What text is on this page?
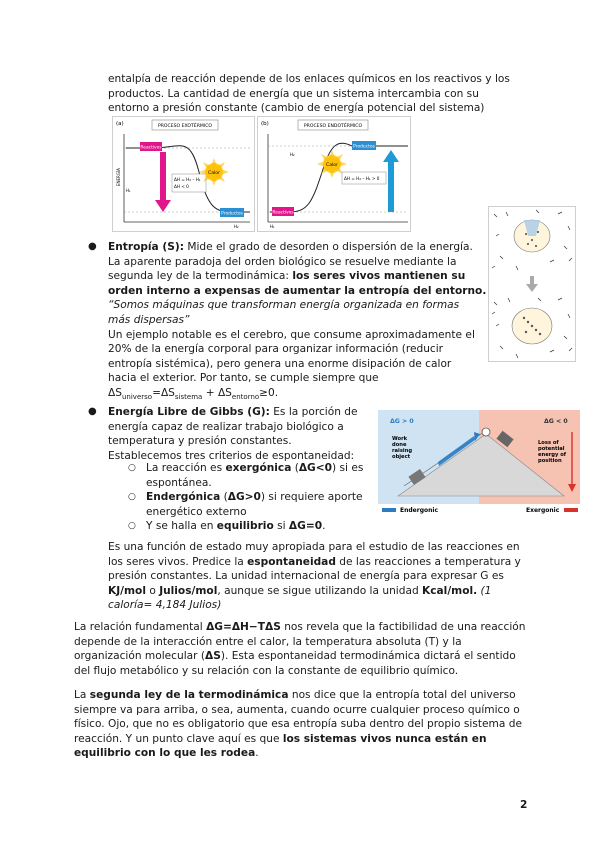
entalpía de reacción depende de los enlaces químicos en los reactivos y los

productos. La cantidad de energía que un sistema intercambia con su

entorno a presión constante (cambio de energía potencial del sistema)

(a)	PROCESO EXOTÉRMICO
ENERGÍA
Reactivos
Productos
ΔH = H₂ – H₁
ΔH < 0
Calor
H₁
H₂
(b)	PROCESO ENDOTÉRMICO
Reactivos
Productos
Calor
ΔH = H₂ – H₁ > 0
H₁
H₂
● Entropía (S): Mide el grado de desorden o dispersión de la energía.

La aparente paradoja del orden biológico se resuelve mediante la

segunda ley de la termodinámica: los seres vivos mantienen su

orden interno a expensas de aumentar la entropía del entorno.

“Somos máquinas que transforman energía organizada en formas

más dispersas”

Un ejemplo notable es el cerebro, que consume aproximadamente el

20% de la energía corporal para organizar información (reducir

entropía sistémica), pero genera una enorme disipación de calor

hacia el exterior. Por tanto, se cumple siempre que

$\Delta S_{universo}=\Delta S_{sistema} + \Delta S_{entorno}\ge 0$.

● Energía Libre de Gibbs (G): Es la porción de

energía capaz de realizar trabajo biológico a

temperatura y presión constantes.

Establecemos tres criterios de espontaneidad:

○
○
○

La reacción es exergónica (ΔG<0) si es

espontánea.

Endergónica (ΔG>0) si requiere aporte

energético externo

Y se halla en equilibrio si ΔG=0.

ΔG > 0	ΔG < 0
Work
done
raising
object
Loss of
potential
energy of
position
Endergonic	Exergonic

Es una función de estado muy apropiada para el estudio de las reacciones en

los seres vivos. Predice la espontaneidad de las reacciones a temperatura y

presión constantes. La unidad internacional de energía para expresar G es

KJ/mol o Julios/mol, aunque se sigue utilizando la unidad Kcal/mol. (1

caloría= 4,184 Julios)

La relación fundamental ΔG=ΔH−TΔS nos revela que la factibilidad de una reacción

depende de la interacción entre el calor, la temperatura absoluta (T) y la

organización molecular (ΔS). Esta espontaneidad termodinámica dictará el sentido

del flujo metabólico y su relación con la constante de equilibrio químico.

La segunda ley de la termodinámica nos dice que la entropía total del universo

siempre va para arriba, o sea, aumenta, cuando ocurre cualquier proceso químico o

físico. Ojo, que no es obligatorio que esa entropía suba dentro del propio sistema de

reacción. Y un punto clave aquí es que los sistemas vivos nunca están en

equilibrio con lo que les rodea.

2
